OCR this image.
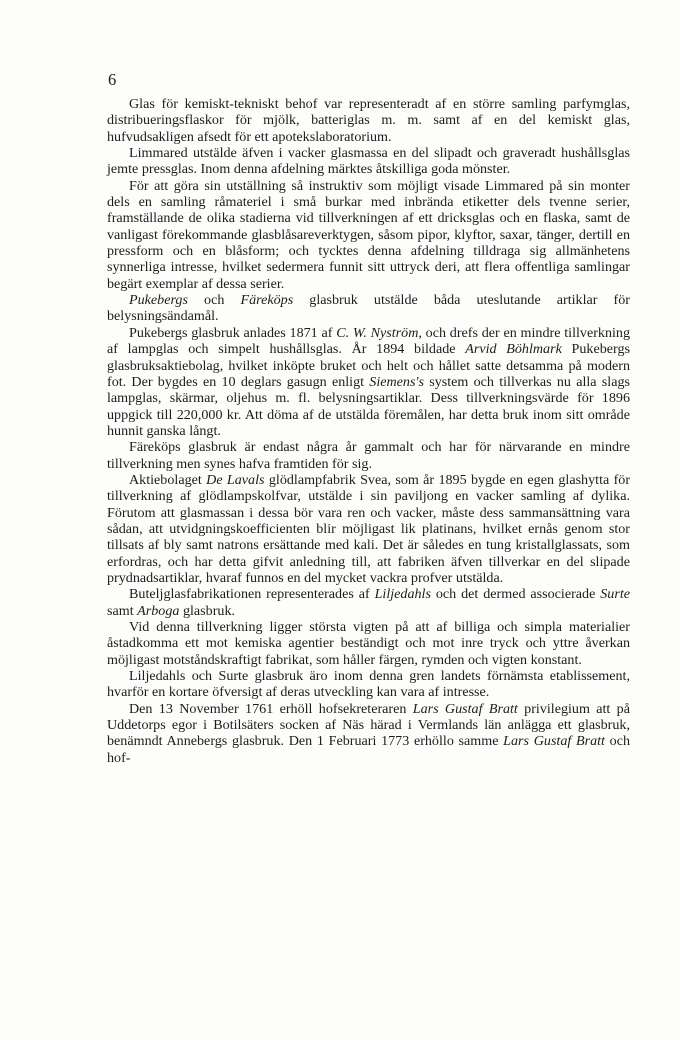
6

Glas för kemiskt-tekniskt behof var representeradt af en större samling parfymglas, distribueringsflaskor för mjölk, batteriglas m. m. samt af en del kemiskt glas, hufvudsakligen afsedt för ett apotekslaboratorium.

Limmared utstälde äfven i vacker glasmassa en del slipadt och graveradt hushållsglas jemte pressglas. Inom denna afdelning märktes åtskilliga goda mönster.

För att göra sin utställning så instruktiv som möjligt visade Limmared på sin monter dels en samling råmateriel i små burkar med inbrända etiketter dels tvenne serier, framställande de olika stadierna vid tillverkningen af ett dricksglas och en flaska, samt de vanligast förekommande glasblåsareverktygen, såsom pipor, klyftor, saxar, tänger, dertill en pressform och en blåsform; och tycktes denna afdelning tilldraga sig allmänhetens synnerliga intresse, hvilket sedermera funnit sitt uttryck deri, att flera offentliga samlingar begärt exemplar af dessa serier.

Pukebergs och Färeköps glasbruk utstälde båda uteslutande artiklar för belysningsändamål.

Pukebergs glasbruk anlades 1871 af C. W. Nyström, och drefs der en mindre tillverkning af lampglas och simpelt hushållsglas. År 1894 bildade Arvid Böhlmark Pukebergs glasbruksaktiebolag, hvilket inköpte bruket och helt och hållet satte detsamma på modern fot. Der bygdes en 10 deglars gasugn enligt Siemens's system och tillverkas nu alla slags lampglas, skärmar, oljehus m. fl. belysningsartiklar. Dess tillverkningsvärde för 1896 uppgick till 220,000 kr. Att döma af de utstälda föremålen, har detta bruk inom sitt område hunnit ganska långt.

Färeköps glasbruk är endast några år gammalt och har för närvarande en mindre tillverkning men synes hafva framtiden för sig.

Aktiebolaget De Lavals glödlampfabrik Svea, som år 1895 bygde en egen glashytta för tillverkning af glödlampskolfvar, utstälde i sin paviljong en vacker samling af dylika. Förutom att glasmassan i dessa bör vara ren och vacker, måste dess sammansättning vara sådan, att utvidgningskoefficienten blir möjligast lik platinans, hvilket ernås genom stor tillsats af bly samt natrons ersättande med kali. Det är således en tung kristallglassats, som erfordras, och har detta gifvit anledning till, att fabriken äfven tillverkar en del slipade prydnadsartiklar, hvaraf funnos en del mycket vackra profver utstälda.

Buteljglasfabrikationen representerades af Liljedahls och det dermed associerade Surte samt Arboga glasbruk.

Vid denna tillverkning ligger största vigten på att af billiga och simpla materialier åstadkomma ett mot kemiska agentier beständigt och mot inre tryck och yttre åverkan möjligast motståndskraftigt fabrikat, som håller färgen, rymden och vigten konstant.

Liljedahls och Surte glasbruk äro inom denna gren landets förnämsta etablissement, hvarför en kortare öfversigt af deras utveckling kan vara af intresse.

Den 13 November 1761 erhöll hofsekreteraren Lars Gustaf Bratt privilegium att på Uddetorps egor i Botilsäters socken af Näs härad i Vermlands län anlägga ett glasbruk, benämndt Annebergs glasbruk. Den 1 Februari 1773 erhöllo samme Lars Gustaf Bratt och hof-
